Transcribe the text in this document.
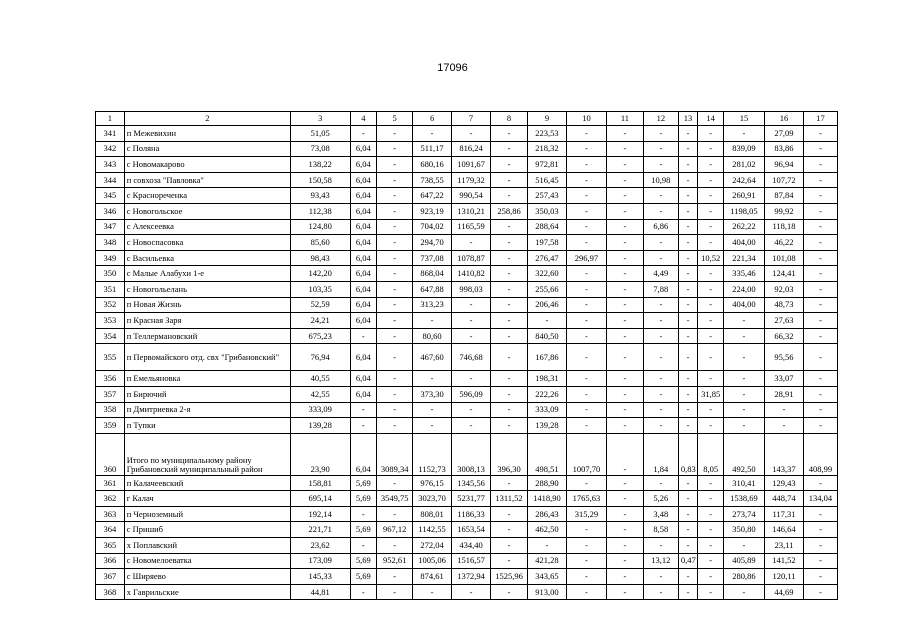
17096
1	2	3	4	5	6	7	8	9	10	11	12	13	14	15	16	17
341	п Межевихин	51,05	-	-	-	-	-	223,53	-	-	-	-	-	-	27,09	-
342	с Поляна	73,08	6,04	-	511,17	816,24	-	218,32	-	-	-	-	-	839,09	83,86	-
343	с Новомакарово	138,22	6,04	-	680,16	1091,67	-	972,81	-	-	-	-	-	281,02	96,94	-
344	п совхоза "Павловка"	150,58	6,04	-	738,55	1179,32	-	516,45	-	-	10,98	-	-	242,64	107,72	-
345	с Краснореченка	93,43	6,04	-	647,22	990,54	-	257,43	-	-	-	-	-	260,91	87,84	-
346	с Новогольское	112,38	6,04	-	923,19	1310,21	258,86	350,03	-	-	-	-	-	1198,05	99,92	-
347	с Алексеевка	124,80	6,04	-	704,02	1165,59	-	288,64	-	-	6,86	-	-	262,22	118,18	-
348	с Новоспасовка	85,60	6,04	-	294,70	-	-	197,58	-	-	-	-	-	404,00	46,22	-
349	с Васильевка	98,43	6,04	-	737,08	1078,87	-	276,47	296,97	-	-	-	10,52	221,34	101,08	-
350	с Малые Алабухи 1-е	142,20	6,04	-	868,04	1410,82	-	322,60	-	-	4,49	-	-	335,46	124,41	-
351	с Новогольелань	103,35	6,04	-	647,88	998,03	-	255,66	-	-	7,88	-	-	224,00	92,03	-
352	п Новая Жизнь	52,59	6,04	-	313,23	-	-	206,46	-	-	-	-	-	404,00	48,73	-
353	п Красная Заря	24,21	6,04	-	-	-	-	-	-	-	-	-	-	-	27,63	-
354	п Теллермановский	675,23	-	-	80,60	-	-	840,50	-	-	-	-	-	-	66,32	-
355	п Первомайского отд. свх "Грибановский"	76,94	6,04	-	467,60	746,68	-	167,86	-	-	-	-	-	-	95,56	-
356	п Емельяновка	40,55	6,04	-	-	-	-	198,31	-	-	-	-	-	-	33,07	-
357	п Бирючий	42,55	6,04	-	373,30	596,09	-	222,26	-	-	-	-	31,85	-	28,91	-
358	п Дмитриевка 2-я	333,09	-	-	-	-	-	333,09	-	-	-	-	-	-	-	-
359	п Тупки	139,28	-	-	-	-	-	139,28	-	-	-	-	-	-	-	-
360	Итого по муниципальному району Грибановский муниципальный район	23,90	6,04	3089,34	1152,73	3008,13	396,30	498,51	1007,70	-	1,84	0,83	8,05	492,50	143,37	408,99
361	п Калачеевский	158,81	5,69	-	976,15	1345,56	-	288,90	-	-	-	-	-	310,41	129,43	-
362	г Калач	695,14	5,69	3549,75	3023,70	5231,77	1311,52	1418,90	1765,63	-	5,26	-	-	1538,69	448,74	134,04
363	п Черноземный	192,14	-	-	808,01	1186,33	-	286,43	315,29	-	3,48	-	-	273,74	117,31	-
364	с Пришиб	221,71	5,69	967,12	1142,55	1653,54	-	462,50	-	-	8,58	-	-	350,80	146,64	-
365	х Поплавский	23,62	-	-	272,04	434,40	-	-	-	-	-	-	-	-	23,11	-
366	с Новомелоеватка	173,09	5,69	952,61	1005,06	1516,57	-	421,28	-	-	13,12	0,47	-	405,89	141,52	-
367	с Ширяево	145,33	5,69	-	874,61	1372,94	1525,96	343,65	-	-	-	-	-	280,86	120,11	-
368	х Гаврильские	44,81	-	-	-	-	-	913,00	-	-	-	-	-	-	44,69	-
